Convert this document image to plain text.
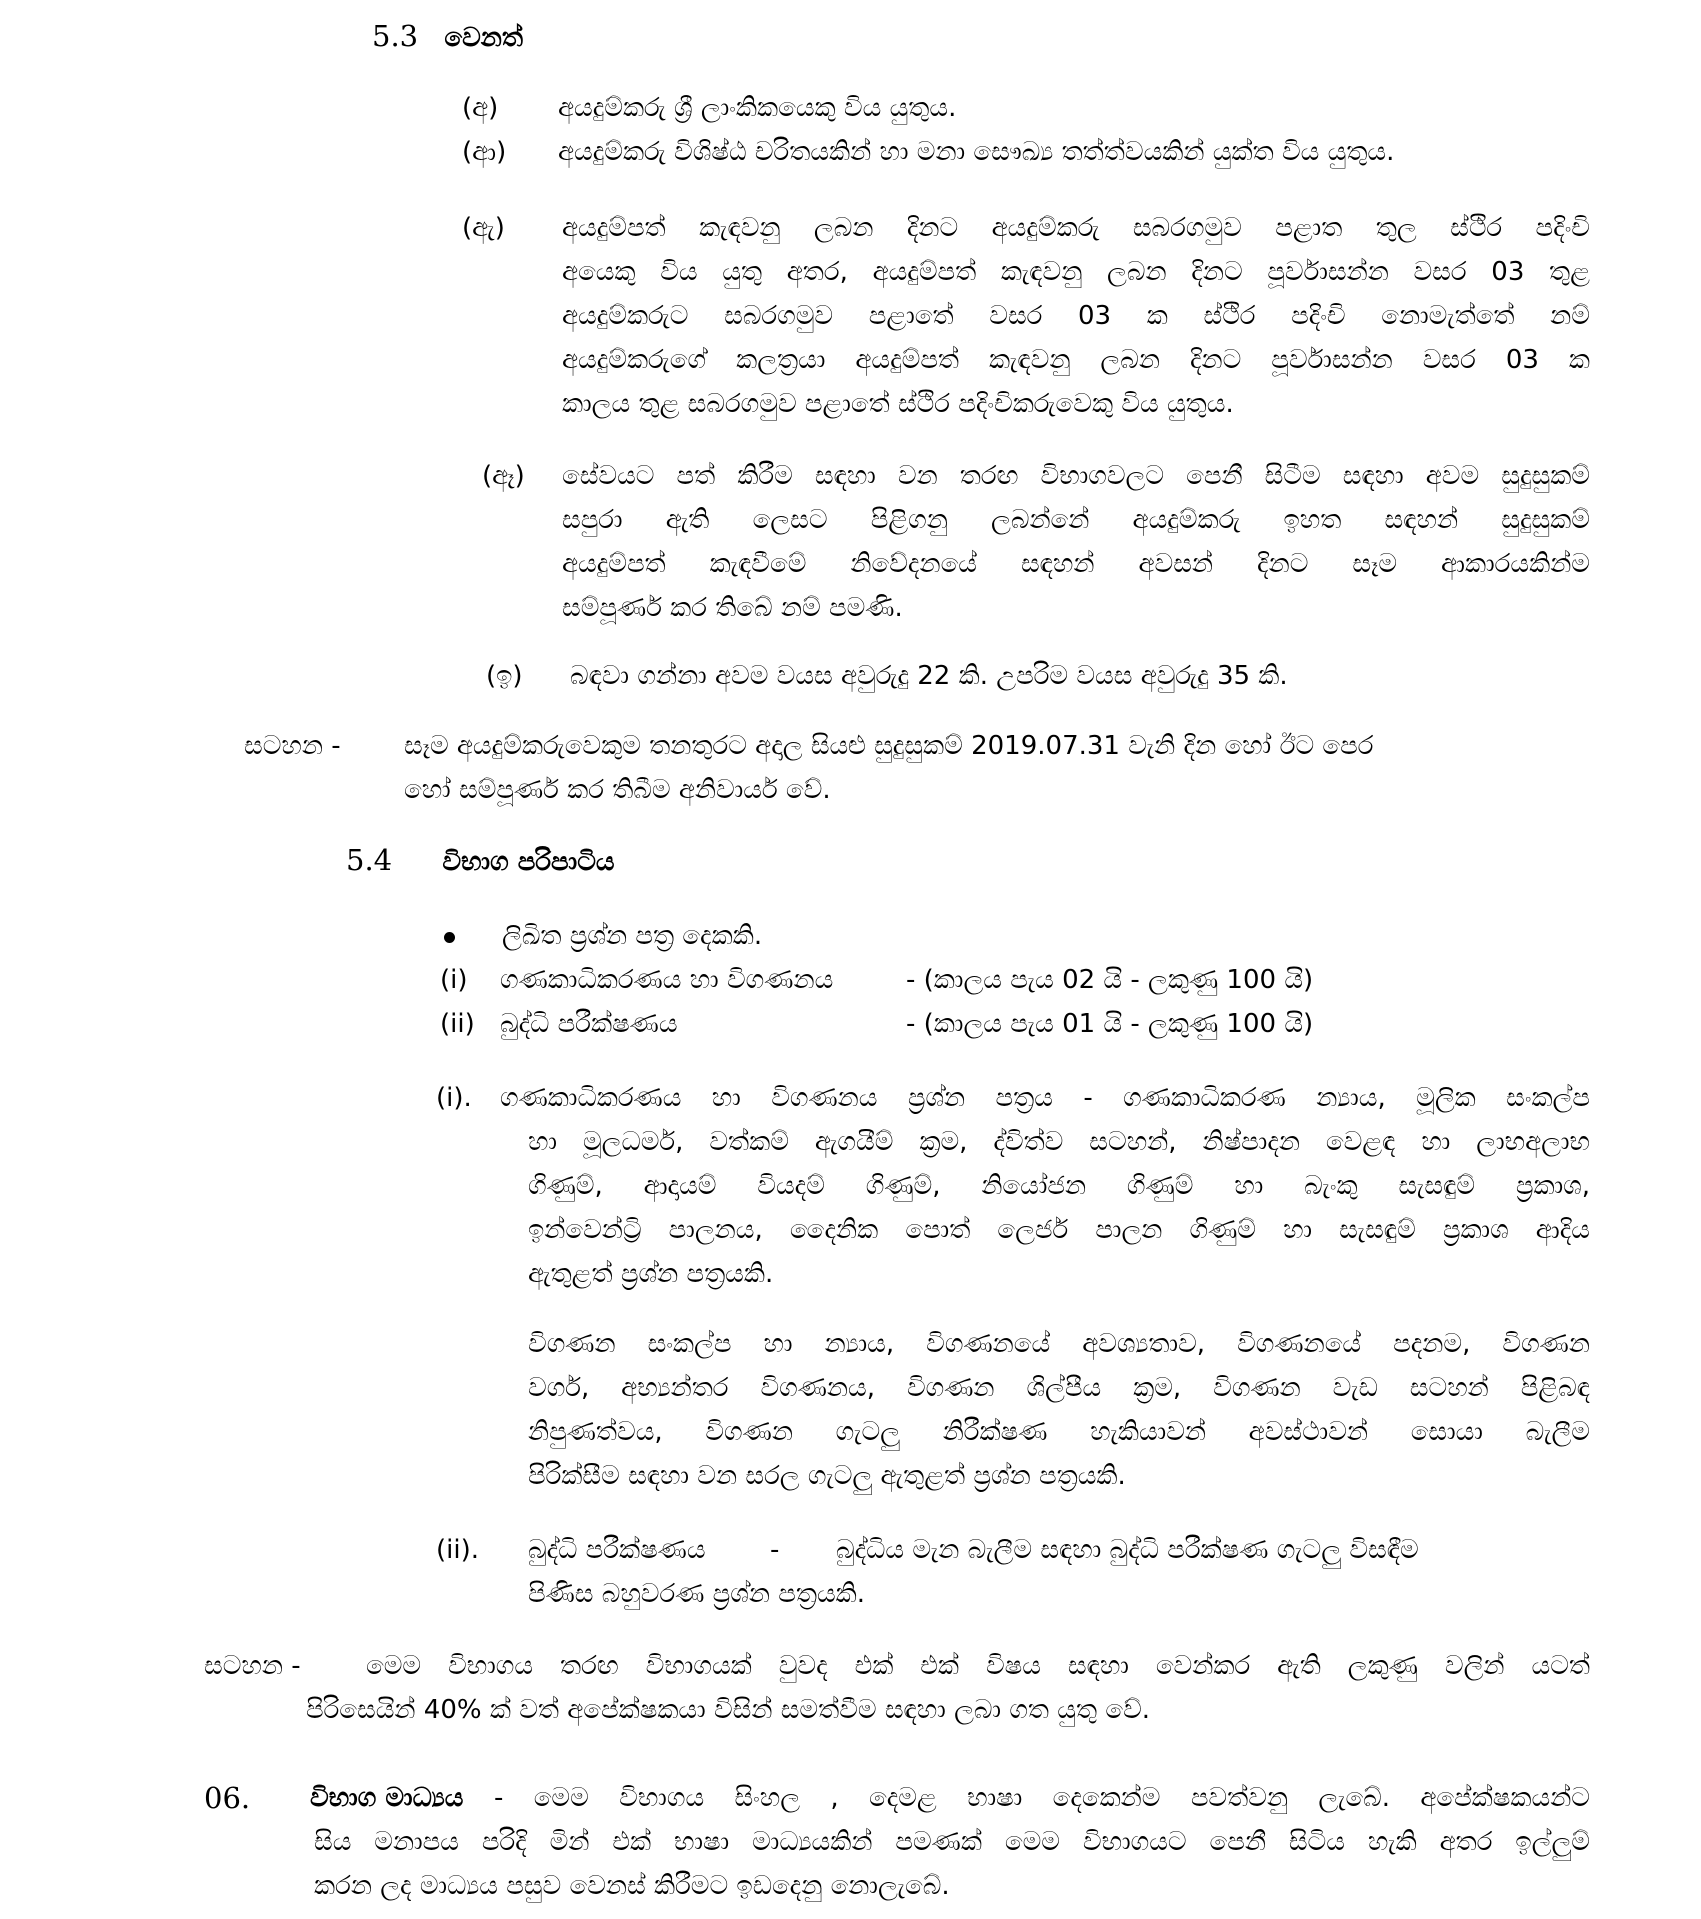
5.3 වෙනත්
(අ) අයදුම්කරු ශ්‍රී ලාංකිකයෙකු විය යුතුය.
(ආ) අයදුම්කරු විශිෂ්ඨ චරිතයකින් හා මනා සෞඛ්‍ය තත්ත්වයකින් යුක්ත විය යුතුය.
(ඇ) අයදුම්පත් කැඳවනු ලබන දිනට අයදුම්කරු සබරගමුව පළාත තුල ස්ථිර පදිංචි
අයෙකු විය යුතු අතර, අයදුම්පත් කැඳවනු ලබන දිනට පූර්වාසන්න වසර 03 තුළ
අයදුම්කරුට සබරගමුව පළාතේ වසර 03 ක ස්ථිර පදිංචි නොමැත්තේ නම්
අයදුම්කරුගේ කලත්‍රයා අයදුම්පත් කැඳවනු ලබන දිනට පූර්වාසන්න වසර 03 ක
කාලය තුළ සබරගමුව පළාතේ ස්ථිර පදිංචිකරුවෙකු විය යුතුය.
(ඈ) සේවයට පත් කිරීම සඳහා වන තරඟ විභාගවලට පෙනී සිටීම සඳහා අවම සුදුසුකම්
සපුරා ඇති ලෙසට පිළිගනු ලබන්නේ අයදුම්කරු ඉහත සඳහන් සුදුසුකම්
අයදුම්පත් කැඳවීමේ නිවේදනයේ සඳහන් අවසන් දිනට සෑම ආකාරයකින්ම
සම්පූර්ණ කර තිබේ නම් පමණි.
(ඉ) බඳවා ගන්නා අවම වයස අවුරුදු 22 කි. උපරිම වයස අවුරුදු 35 කි.
සටහන - සෑම අයදුම්කරුවෙකුම තනතුරට අදාල සියළු සුදුසුකම් 2019.07.31 වැනි දින හෝ ඊට පෙර
හෝ සම්පූර්ණ කර තිබීම අනිවාර්ය වේ.
5.4 විභාග පරිපාටිය
ලිඛිත ප්‍රශ්න පත්‍ර දෙකකි.
(i) ගණකාධිකරණය හා විගණනය	- (කාලය පැය 02 යි - ලකුණු 100 යි)
(ii) බුද්ධි පරීක්ෂණය	- (කාලය පැය 01 යි - ලකුණු 100 යි)
(i). ගණකාධිකරණය හා විගණනය ප්‍රශ්න පත්‍රය - ගණකාධිකරණ න්‍යාය, මූලික සංකල්ප
හා මූලධර්ම, වත්කම් ඇගයීම් ක්‍රම, ද්විත්ව සටහන්, නිෂ්පාදන වෙළඳ හා ලාභඅලාභ
ගිණුම්, ආදායම් වියදම් ගිණුම්, නියෝජන ගිණුම් හා බැංකු සැසඳුම් ප්‍රකාශ,
ඉන්වෙන්ට්‍රි පාලනය, දෛනික පොත් ලෙජර් පාලන ගිණුම් හා සැසඳුම් ප්‍රකාශ ආදිය
ඇතුළත් ප්‍රශ්න පත්‍රයකි.
විගණන සංකල්ප හා න්‍යාය, විගණනයේ අවශ්‍යතාව, විගණනයේ පදනම, විගණන
වර්ග, අභ්‍යන්තර විගණනය, විගණන ශිල්පීය ක්‍රම, විගණන වැඩ සටහන් පිළිබඳ
නිපුණත්වය, විගණන ගැටලු නිරීක්ෂණ හැකියාවන් අවස්ථාවන් සොයා බැලීම
පිරික්සීම සඳහා වන සරල ගැටලු ඇතුළත් ප්‍රශ්න පත්‍රයකි.
(ii). බුද්ධි පරීක්ෂණය - බුද්ධිය මැන බැලීම සඳහා බුද්ධි පරීක්ෂණ ගැටලු විසඳීම
පිණිස බහුවරණ ප්‍රශ්න පත්‍රයකි.
සටහන -	මෙම විභාගය තරඟ විභාගයක් වුවද එක් එක් විෂය සඳහා වෙන්කර ඇති ලකුණු වලින් යටත්
පිරිසෙයින් 40% ක් වත් අපේක්ෂකයා විසින් සමත්වීම සඳහා ලබා ගත යුතු වේ.
06. විභාග මාධ්‍යය - මෙම විභාගය සිංහල , දෙමළ භාෂා දෙකෙන්ම පවත්වනු ලැබේ. අපේක්ෂකයන්ට
සිය මනාපය පරිදි මින් එක් භාෂා මාධ්‍යයකින් පමණක් මෙම විභාගයට පෙනී සිටිය හැකි අතර ඉල්ලුම්
කරන ලද මාධ්‍යය පසුව වෙනස් කිරීමට ඉඩදෙනු නොලැබේ.
